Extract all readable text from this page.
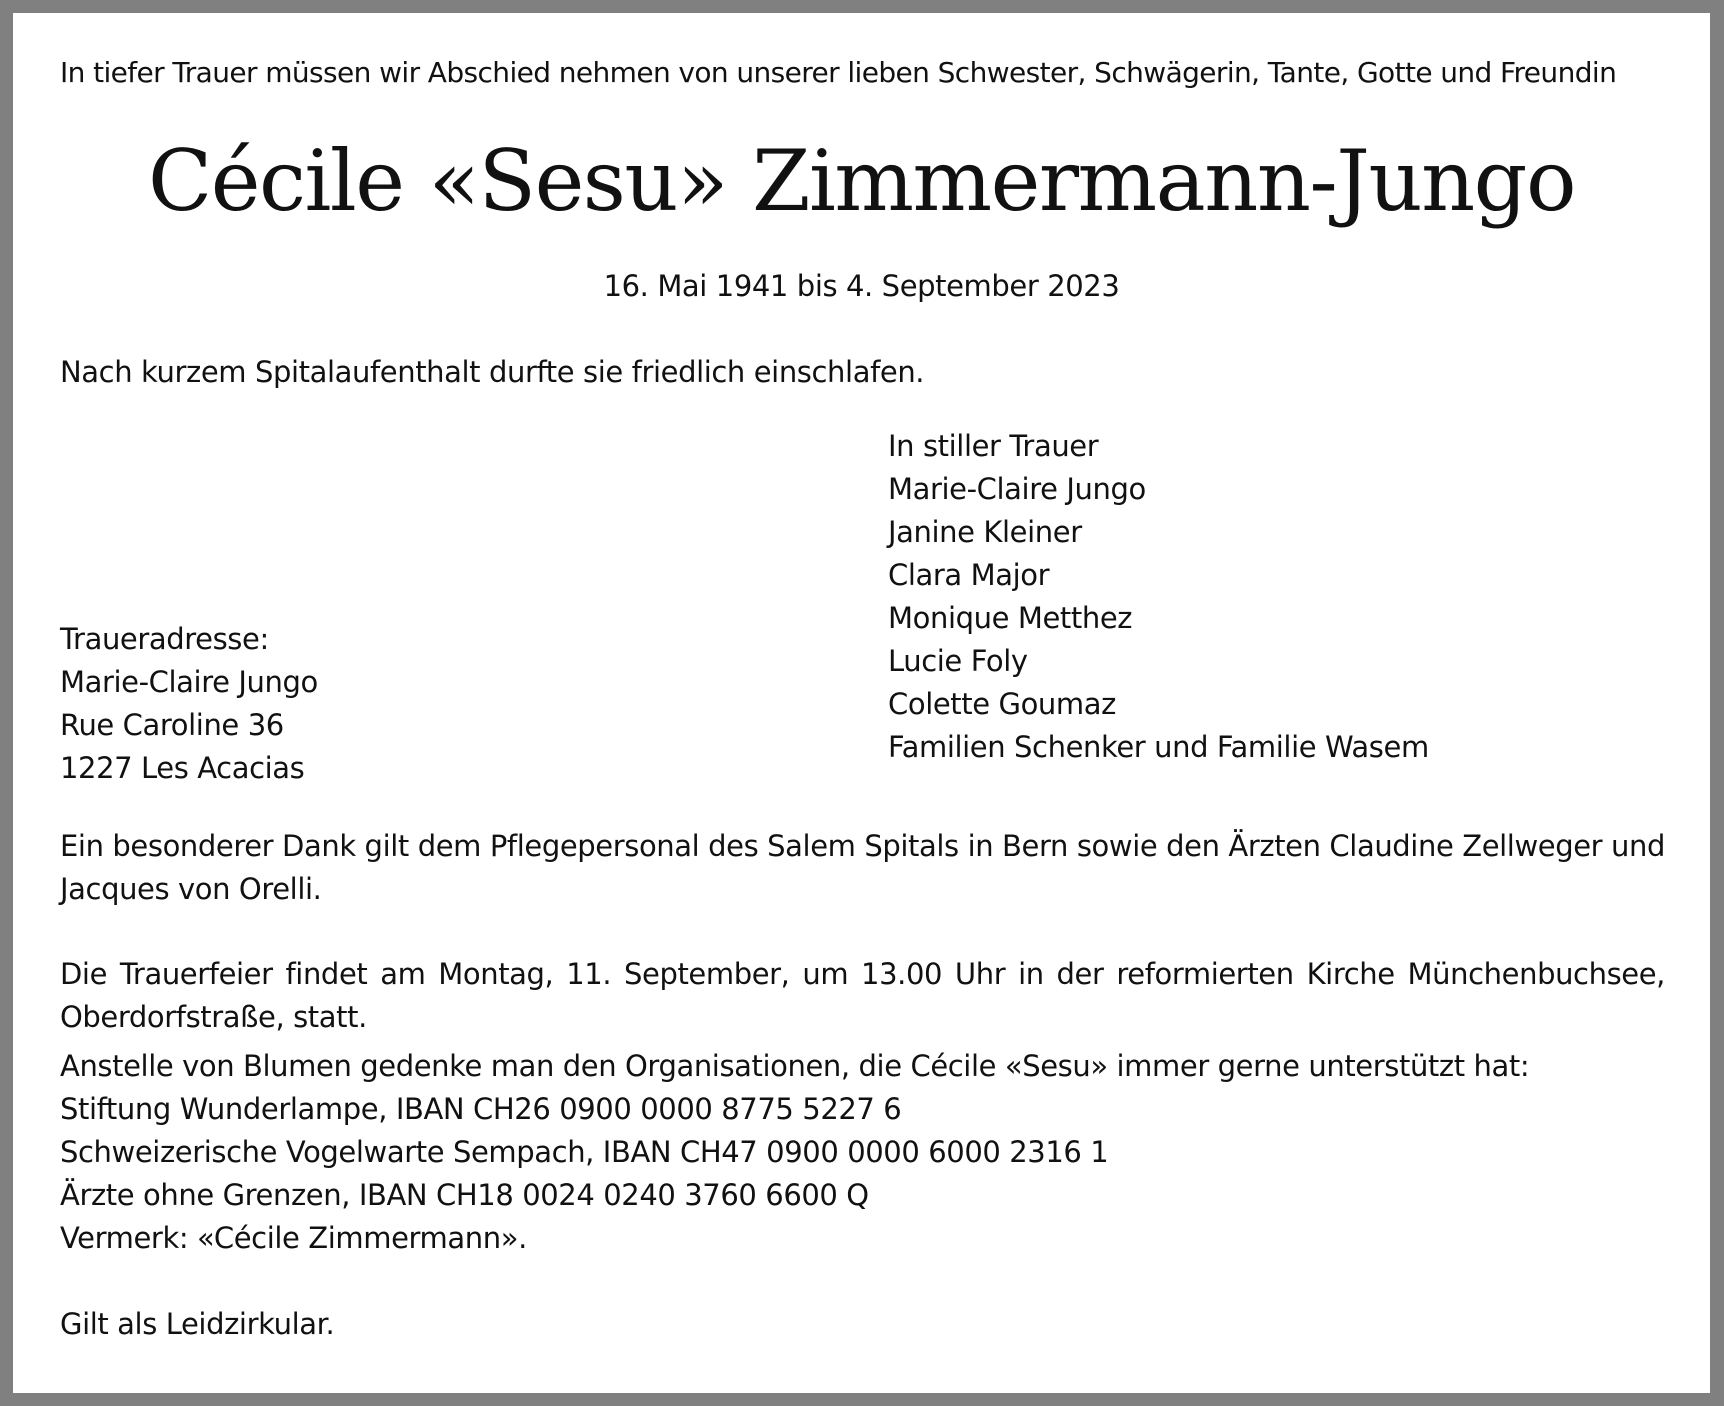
In tiefer Trauer müssen wir Abschied nehmen von unserer lieben Schwester, Schwägerin, Tante, Gotte und Freundin
Cécile «Sesu» Zimmermann-Jungo
16. Mai 1941 bis 4. September 2023
Nach kurzem Spitalaufenthalt durfte sie friedlich einschlafen.
In stiller Trauer
Marie-Claire Jungo
Janine Kleiner
Clara Major
Monique Metthez
Lucie Foly
Colette Goumaz
Familien Schenker und Familie Wasem
Traueradresse:
Marie-Claire Jungo
Rue Caroline 36
1227 Les Acacias
Ein besonderer Dank gilt dem Pflegepersonal des Salem Spitals in Bern sowie den Ärzten Claudine Zellweger und
Jacques von Orelli.
Die Trauerfeier findet am Montag, 11. September, um 13.00 Uhr in der reformierten Kirche Münchenbuchsee,
Oberdorfstraße, statt.
Anstelle von Blumen gedenke man den Organisationen, die Cécile «Sesu» immer gerne unterstützt hat:
Stiftung Wunderlampe, IBAN CH26 0900 0000 8775 5227 6
Schweizerische Vogelwarte Sempach, IBAN CH47 0900 0000 6000 2316 1
Ärzte ohne Grenzen, IBAN CH18 0024 0240 3760 6600 Q
Vermerk: «Cécile Zimmermann».
Gilt als Leidzirkular.
